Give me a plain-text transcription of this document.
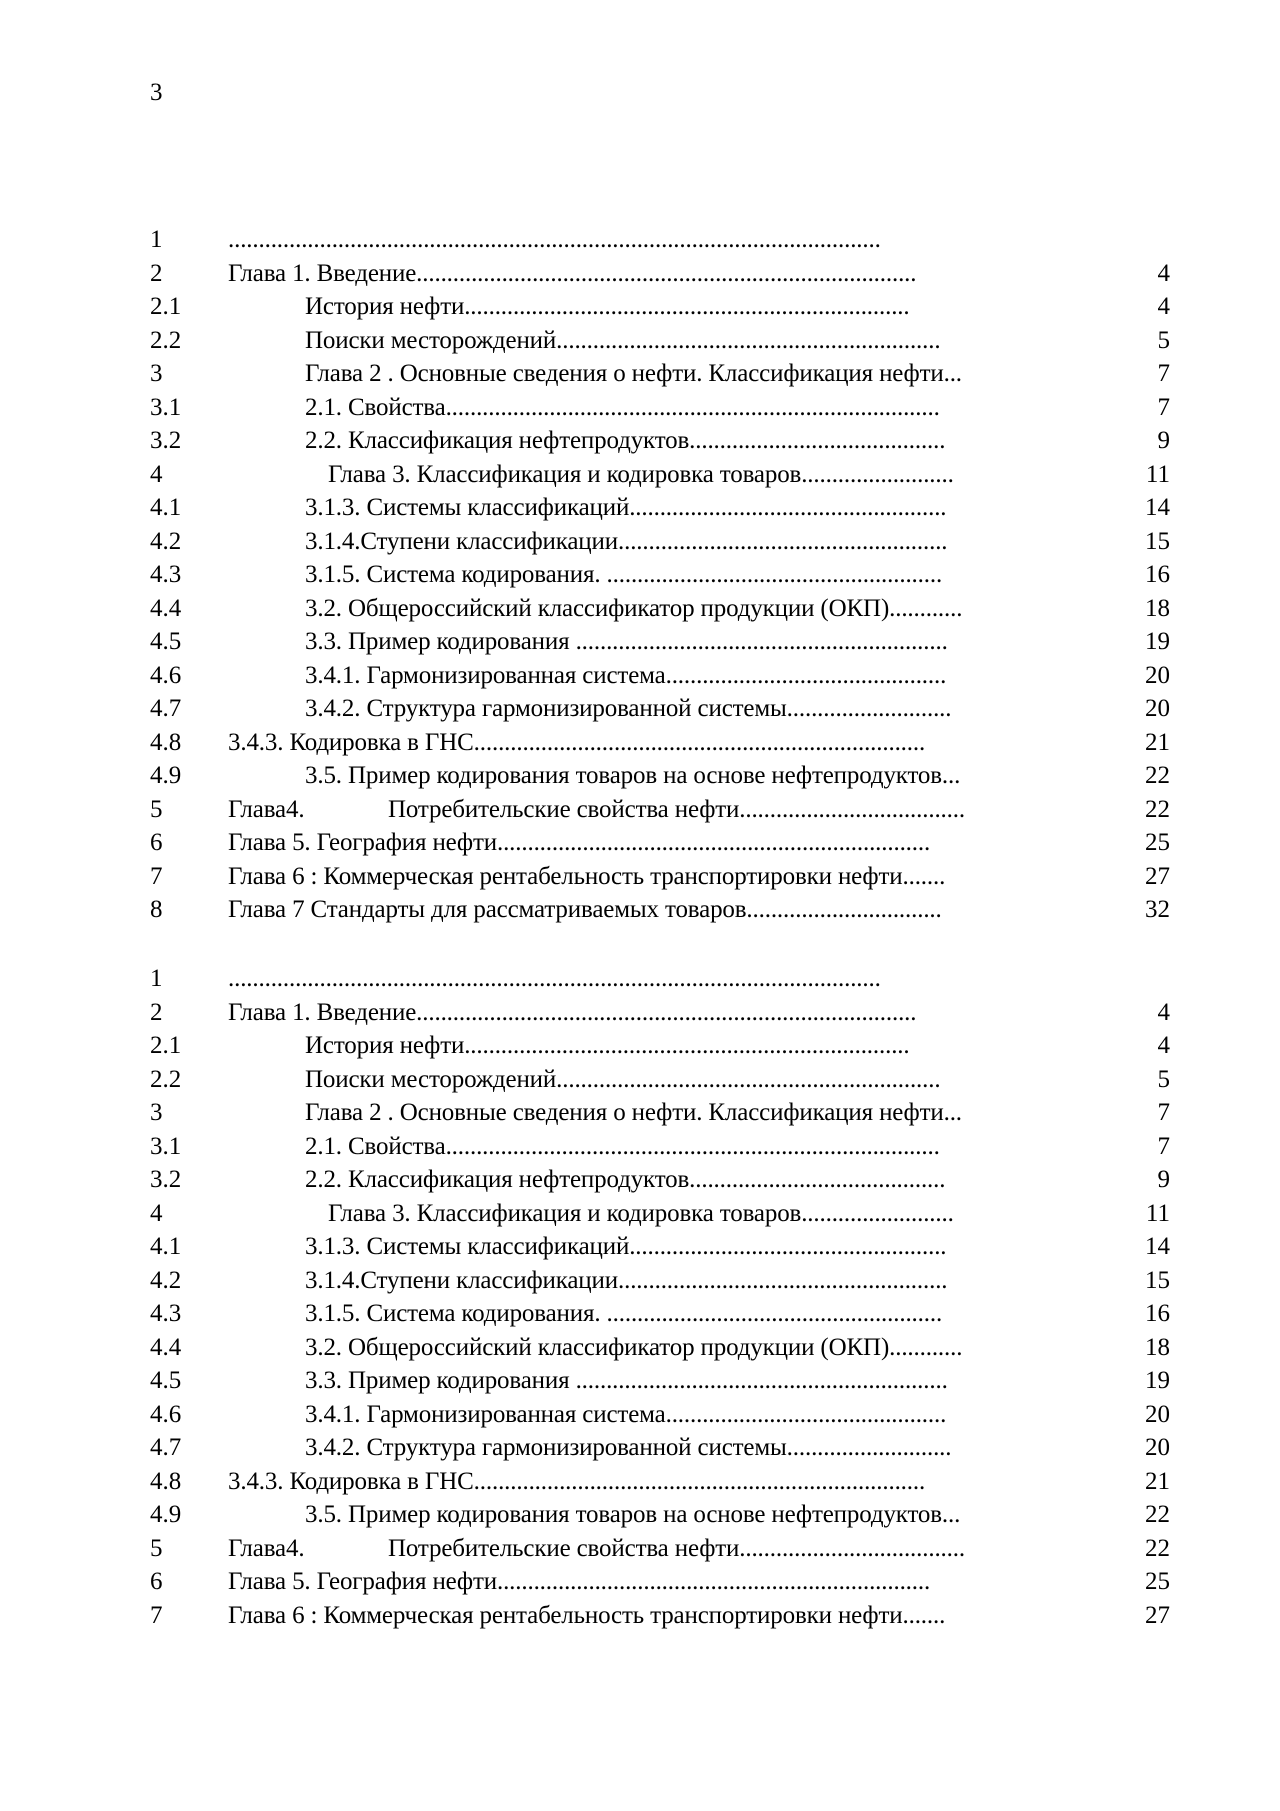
3
1	...........................................................................................................
2	Глава 1. Введение..................................................................................	4
2.1	История нефти.........................................................................	4
2.2	Поиски месторождений...............................................................	5
3	Глава 2 . Основные сведения о нефти. Классификация нефти...	7
3.1	2.1. Свойства.................................................................................	7
3.2	2.2. Классификация нефтепродуктов..........................................	9
4	Глава 3. Классификация и кодировка товаров.........................	11
4.1	3.1.3. Системы классификаций....................................................	14
4.2	3.1.4.Ступени классификации......................................................	15
4.3	3.1.5. Система кодирования. .......................................................	16
4.4	3.2. Общероссийский классификатор продукции (ОКП)............	18
4.5	3.3. Пример кодирования .............................................................	19
4.6	3.4.1. Гармонизированная система..............................................	20
4.7	3.4.2. Структура гармонизированной системы...........................	20
4.8 3.4.3. Кодировка в ГНС..........................................................................	21
4.9	3.5. Пример кодирования товаров на основе нефтепродуктов...	22
5	Глава4.	Потребительские свойства нефти.....................................	22
6	Глава 5. География нефти.......................................................................	25
7	Глава 6 : Коммерческая рентабельность транспортировки нефти.......	27
8	Глава 7 Стандарты для рассматриваемых товаров................................	32
1	...........................................................................................................
2	Глава 1. Введение..................................................................................	4
2.1	История нефти.........................................................................	4
2.2	Поиски месторождений...............................................................	5
3	Глава 2 . Основные сведения о нефти. Классификация нефти...	7
3.1	2.1. Свойства.................................................................................	7
3.2	2.2. Классификация нефтепродуктов..........................................	9
4	Глава 3. Классификация и кодировка товаров.........................	11
4.1	3.1.3. Системы классификаций....................................................	14
4.2	3.1.4.Ступени классификации......................................................	15
4.3	3.1.5. Система кодирования. .......................................................	16
4.4	3.2. Общероссийский классификатор продукции (ОКП)............	18
4.5	3.3. Пример кодирования .............................................................	19
4.6	3.4.1. Гармонизированная система..............................................	20
4.7	3.4.2. Структура гармонизированной системы...........................	20
4.8 3.4.3. Кодировка в ГНС..........................................................................	21
4.9	3.5. Пример кодирования товаров на основе нефтепродуктов...	22
5	Глава4.	Потребительские свойства нефти.....................................	22
6	Глава 5. География нефти.......................................................................	25
7	Глава 6 : Коммерческая рентабельность транспортировки нефти.......	27
